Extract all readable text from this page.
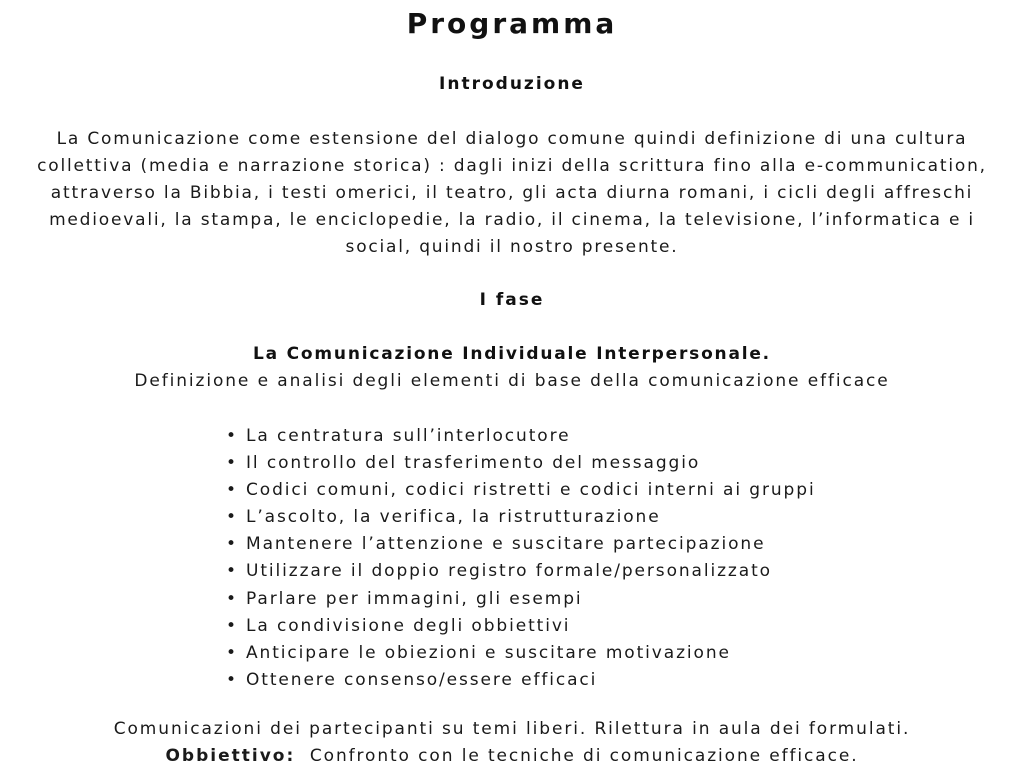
Programma
Introduzione
La Comunicazione come estensione del dialogo comune quindi definizione di una cultura
collettiva (media e narrazione storica) : dagli inizi della scrittura fino alla e-communication,
attraverso la Bibbia, i testi omerici, il teatro, gli acta diurna romani, i cicli degli affreschi
medioevali, la stampa, le enciclopedie, la radio, il cinema, la televisione, l’informatica e i
social, quindi il nostro presente.
I fase
La Comunicazione Individuale Interpersonale.
Definizione e analisi degli elementi di base della comunicazione efficace
• La centratura sull’interlocutore
• Il controllo del trasferimento del messaggio
• Codici comuni, codici ristretti e codici interni ai gruppi
• L’ascolto, la verifica, la ristrutturazione
• Mantenere l’attenzione e suscitare partecipazione
• Utilizzare il doppio registro formale/personalizzato
• Parlare per immagini, gli esempi
• La condivisione degli obbiettivi
• Anticipare le obiezioni e suscitare motivazione
• Ottenere consenso/essere efficaci
Comunicazioni dei partecipanti su temi liberi. Rilettura in aula dei formulati.
Obbiettivo: Confronto con le tecniche di comunicazione efficace.
